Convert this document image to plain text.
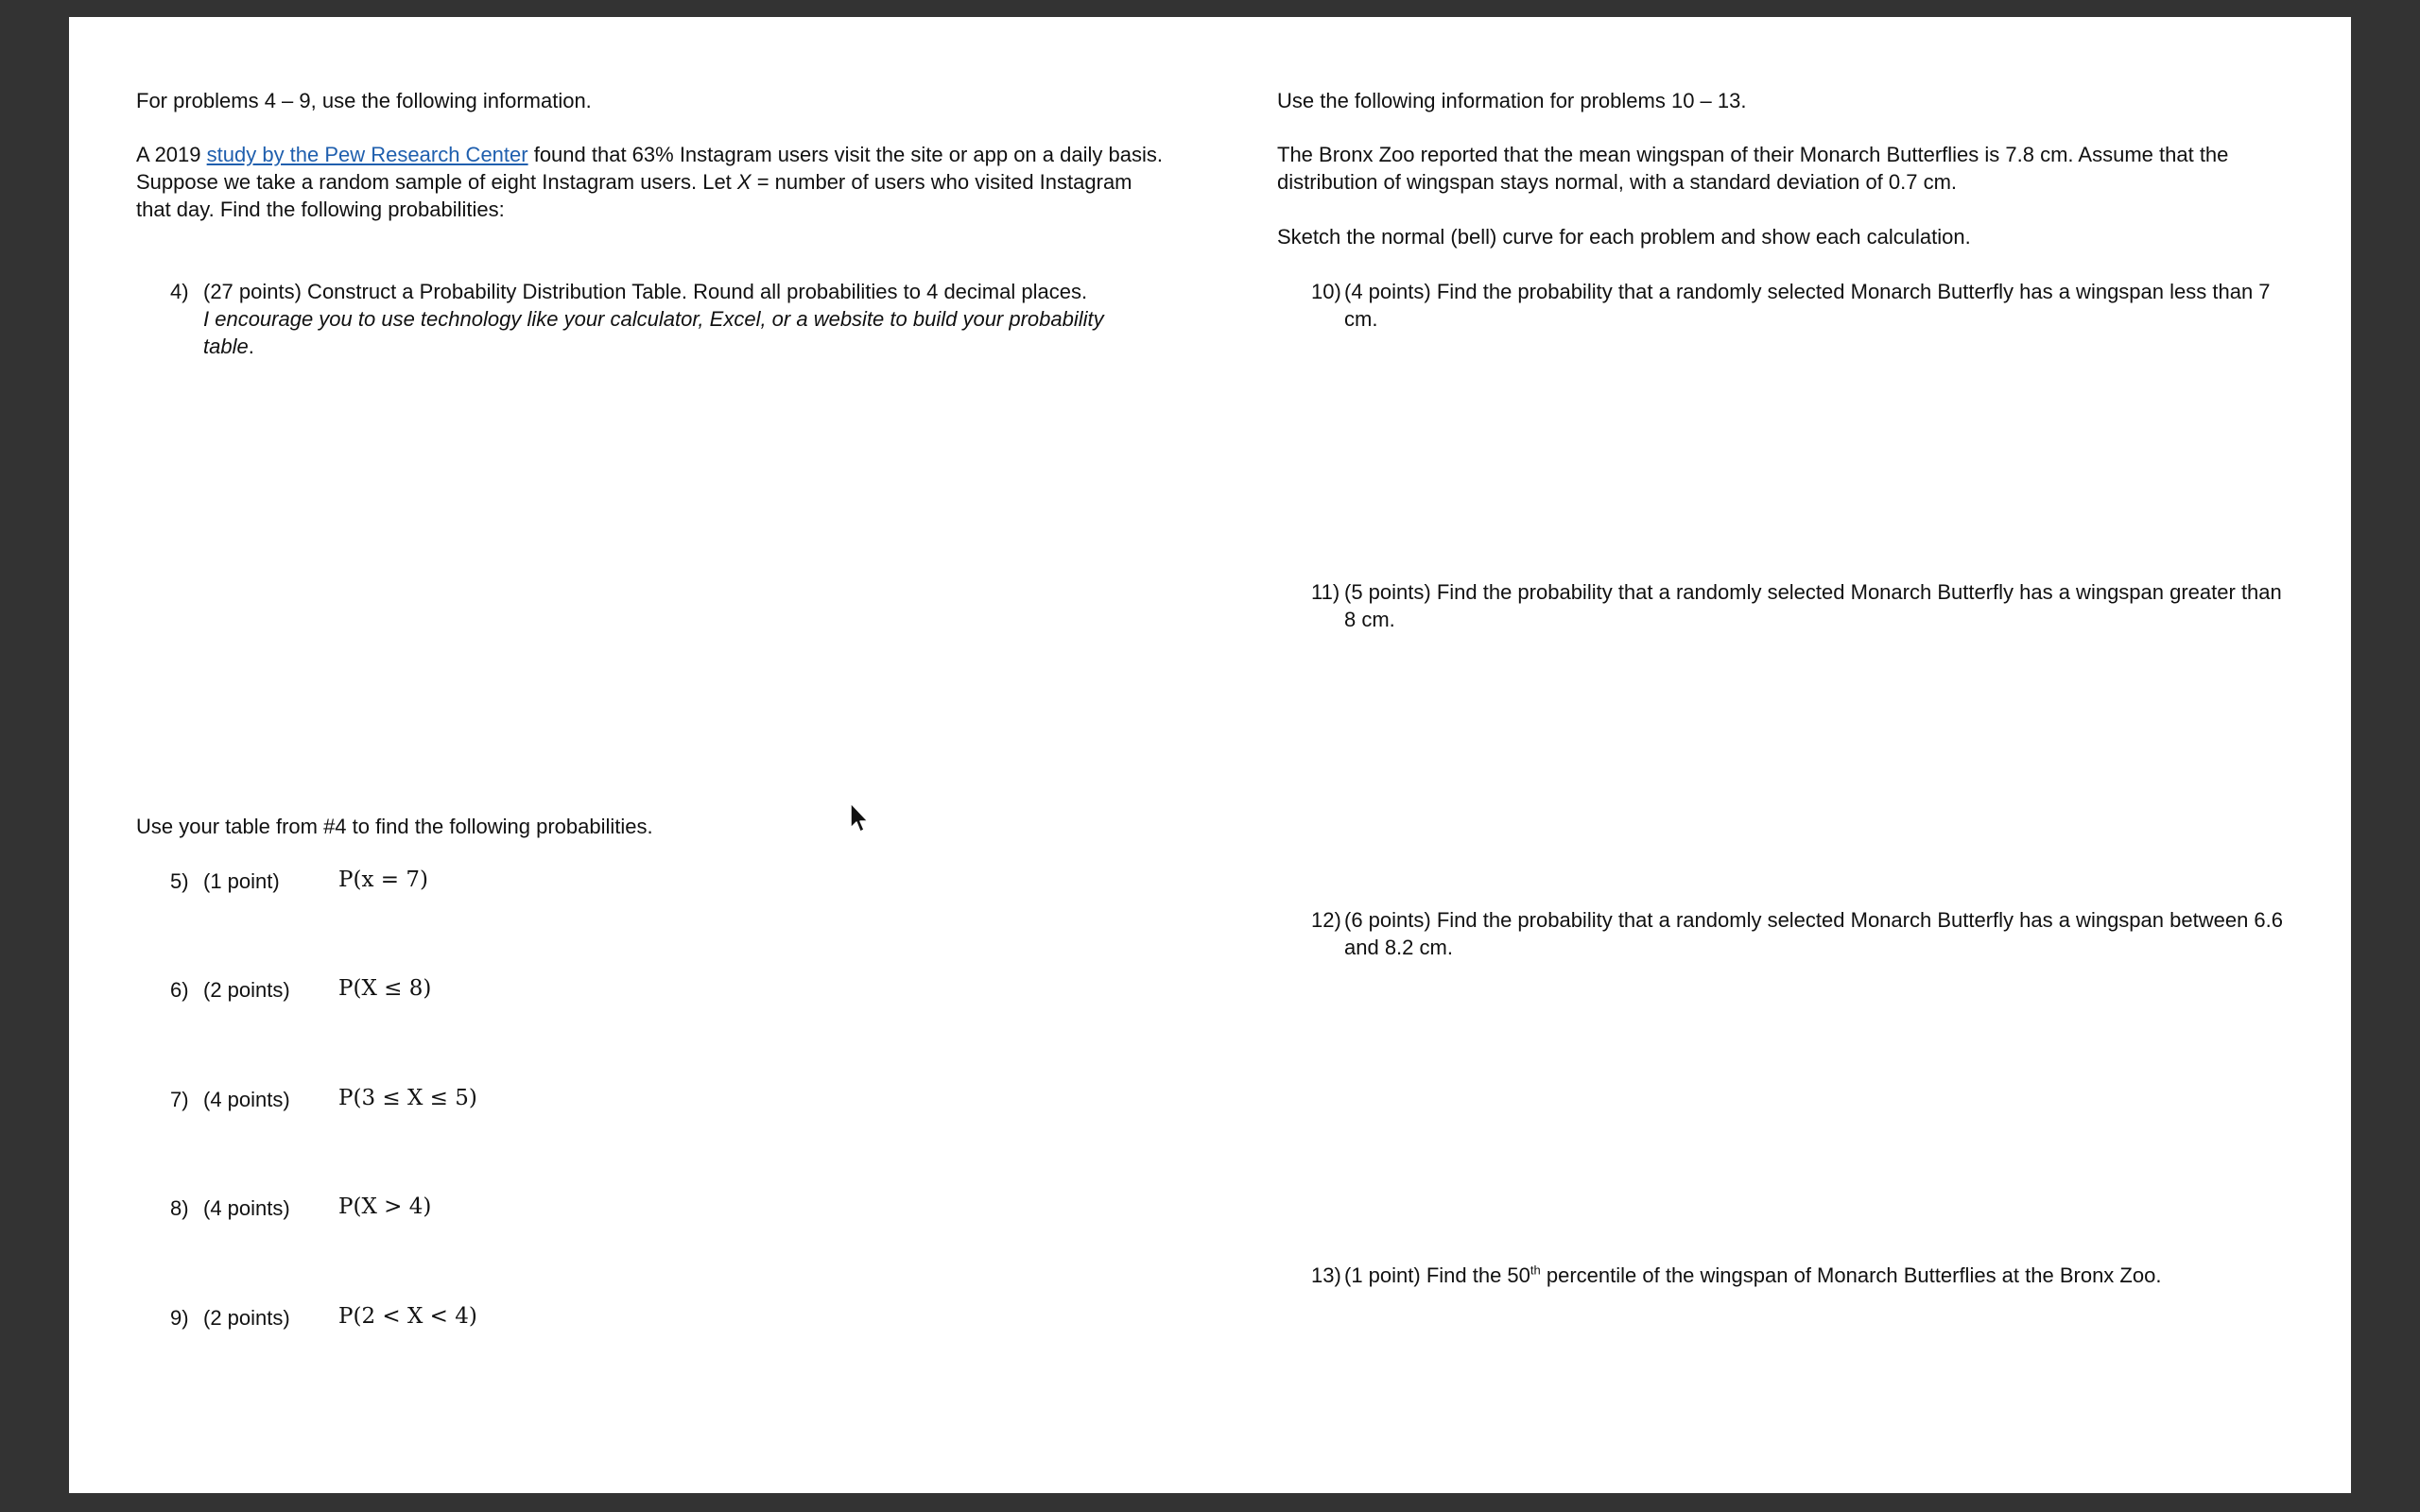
For problems 4 – 9, use the following information.
A 2019 study by the Pew Research Center found that 63% Instagram users visit the site or app on a daily basis.
Suppose we take a random sample of eight Instagram users. Let X = number of users who visited Instagram
that day. Find the following probabilities:
4) (27 points) Construct a Probability Distribution Table. Round all probabilities to 4 decimal places.
I encourage you to use technology like your calculator, Excel, or a website to build your probability
table.
Use your table from #4 to find the following probabilities.
5) (1 point)	P(x = 7)
6) (2 points) P(X ≤ 8)
7) (4 points) P(3 ≤ X ≤ 5)
8) (4 points) P(X > 4)
9) (2 points) P(2 < X < 4)
Use the following information for problems 10 – 13.
The Bronx Zoo reported that the mean wingspan of their Monarch Butterflies is 7.8 cm. Assume that the
distribution of wingspan stays normal, with a standard deviation of 0.7 cm.
Sketch the normal (bell) curve for each problem and show each calculation.
10) (4 points) Find the probability that a randomly selected Monarch Butterfly has a wingspan less than 7
cm.
11) (5 points) Find the probability that a randomly selected Monarch Butterfly has a wingspan greater than
8 cm.
12) (6 points) Find the probability that a randomly selected Monarch Butterfly has a wingspan between 6.6
and 8.2 cm.
13) (1 point) Find the 50th percentile of the wingspan of Monarch Butterflies at the Bronx Zoo.
